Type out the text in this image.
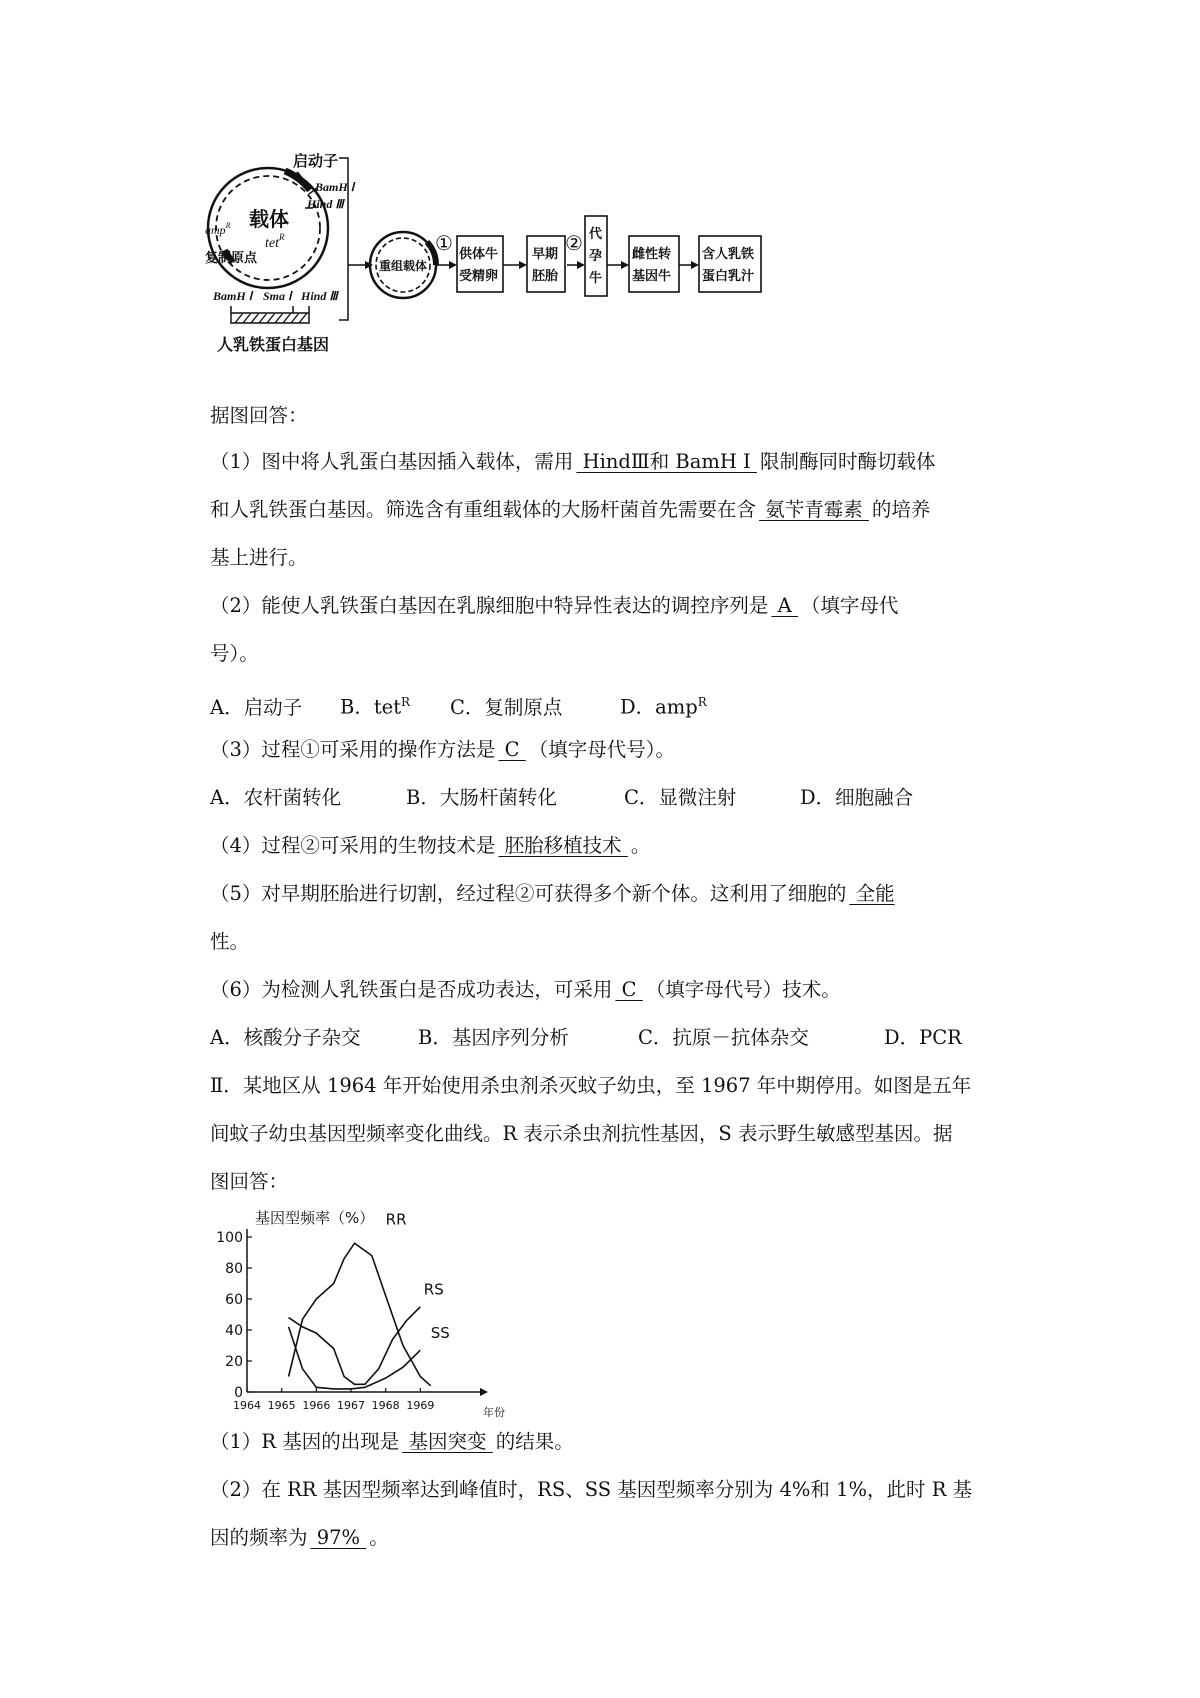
载体
tet$^R$
amp$^R$
复制原点
启动子
BamH Ⅰ
Hind Ⅲ
BamH Ⅰ Sma Ⅰ Hind Ⅲ
人乳铁蛋白基因
重组载体
① 供体牛
受精卵
早期
胚胎
② 代
孕
牛
雌性转
基因牛
含人乳铁
蛋白乳汁
据图回答：
（1）图中将人乳蛋白基因插入载体，需用 HindⅢ和 BamH Ⅰ 限制酶同时酶切载体
和人乳铁蛋白基因。筛选含有重组载体的大肠杆菌首先需要在含 氨苄青霉素 的培养
基上进行。
（2）能使人乳铁蛋白基因在乳腺细胞中特异性表达的调控序列是 A （填字母代
号）。
A．启动子 B．tet$^R$ C．复制原点	D．amp$^R$
（3）过程①可采用的操作方法是 C （填字母代号）。
A．农杆菌转化	B．大肠杆菌转化	C．显微注射	D．细胞融合
（4）过程②可采用的生物技术是 胚胎移植技术 。
（5）对早期胚胎进行切割，经过程②可获得多个新个体。这利用了细胞的 全能
性。
（6）为检测人乳铁蛋白是否成功表达，可采用 C （填字母代号）技术。
A．核酸分子杂交	B．基因序列分析	C．抗原－抗体杂交	D．PCR
Ⅱ．某地区从 1964 年开始使用杀虫剂杀灭蚊子幼虫，至 1967 年中期停用。如图是五年
间蚊子幼虫基因型频率变化曲线。R 表示杀虫剂抗性基因，S 表示野生敏感型基因。据
图回答：
基因型频率（%）
年份
0
20
40
60
80
100
1964 1965 1966 1967 1968 1969
RR
RS
SS
（1）R 基因的出现是 基因突变 的结果。
（2）在 RR 基因型频率达到峰值时，RS、SS 基因型频率分别为 4%和 1%，此时 R 基
因的频率为 97% 。
